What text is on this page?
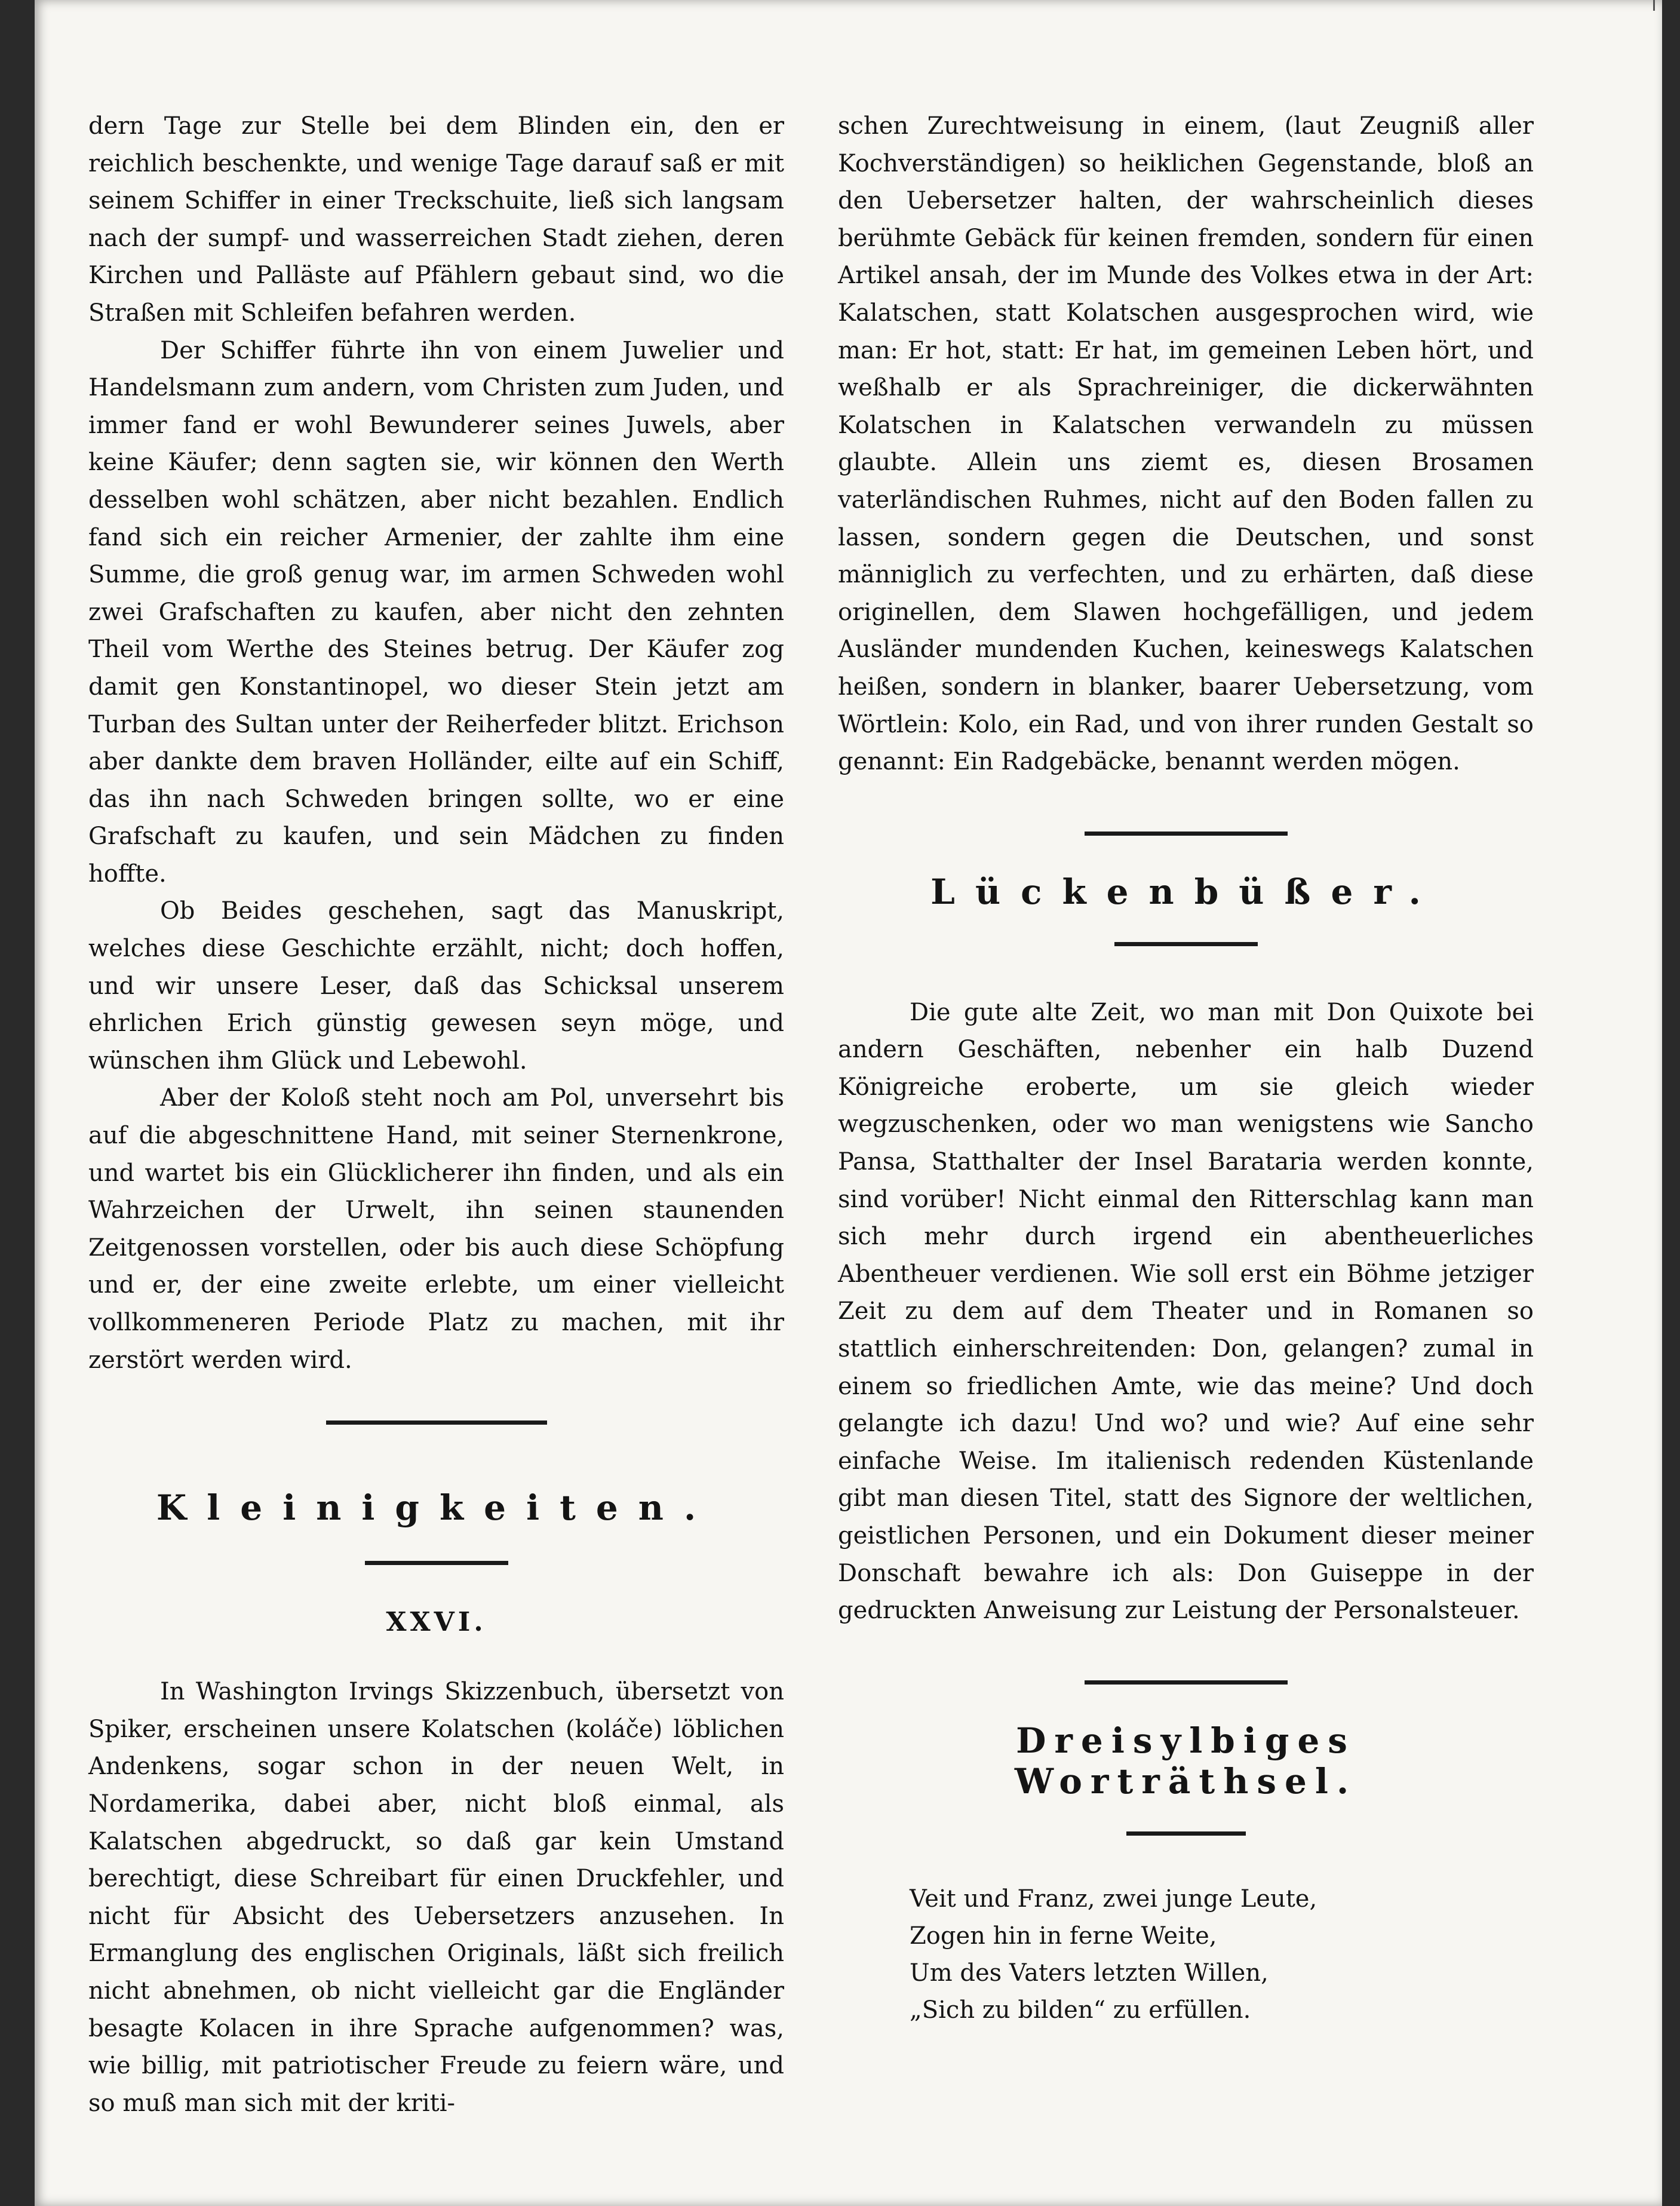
dern Tage zur Stelle bei dem Blinden ein, den er reichlich beschenkte, und wenige Tage darauf saß er mit seinem Schiffer in einer Treckschuite, ließ sich langsam nach der sumpf- und wasserreichen Stadt ziehen, deren Kirchen und Palläste auf Pfählern gebaut sind, wo die Straßen mit Schleifen befahren werden.

Der Schiffer führte ihn von einem Juwelier und Handelsmann zum andern, vom Christen zum Juden, und immer fand er wohl Bewunderer seines Juwels, aber keine Käufer; denn sagten sie, wir können den Werth desselben wohl schätzen, aber nicht bezahlen. Endlich fand sich ein reicher Armenier, der zahlte ihm eine Summe, die groß genug war, im armen Schweden wohl zwei Grafschaften zu kaufen, aber nicht den zehnten Theil vom Werthe des Steines betrug. Der Käufer zog damit gen Konstantinopel, wo dieser Stein jetzt am Turban des Sultan unter der Reiherfeder blitzt. Erichson aber dankte dem braven Holländer, eilte auf ein Schiff, das ihn nach Schweden bringen sollte, wo er eine Grafschaft zu kaufen, und sein Mädchen zu finden hoffte.

Ob Beides geschehen, sagt das Manuskript, welches diese Geschichte erzählt, nicht; doch hoffen, und wir unsere Leser, daß das Schicksal unserem ehrlichen Erich günstig gewesen seyn möge, und wünschen ihm Glück und Lebewohl.

Aber der Koloß steht noch am Pol, unversehrt bis auf die abgeschnittene Hand, mit seiner Sternenkrone, und wartet bis ein Glücklicherer ihn finden, und als ein Wahrzeichen der Urwelt, ihn seinen staunenden Zeitgenossen vorstellen, oder bis auch diese Schöpfung und er, der eine zweite erlebte, um einer vielleicht vollkommeneren Periode Platz zu machen, mit ihr zerstört werden wird.

Kleinigkeiten.
XXVI.

In Washington Irvings Skizzenbuch, übersetzt von Spiker, erscheinen unsere Kolatschen (koláče) löblichen Andenkens, sogar schon in der neuen Welt, in Nordamerika, dabei aber, nicht bloß einmal, als Kalatschen abgedruckt, so daß gar kein Umstand berechtigt, diese Schreibart für einen Druckfehler, und nicht für Absicht des Uebersetzers anzusehen. In Ermanglung des englischen Originals, läßt sich freilich nicht abnehmen, ob nicht vielleicht gar die Engländer besagte Kolacen in ihre Sprache aufgenommen? was, wie billig, mit patriotischer Freude zu feiern wäre, und so muß man sich mit der kriti-

schen Zurechtweisung in einem, (laut Zeugniß aller Kochverständigen) so heiklichen Gegenstande, bloß an den Uebersetzer halten, der wahrscheinlich dieses berühmte Gebäck für keinen fremden, sondern für einen Artikel ansah, der im Munde des Volkes etwa in der Art: Kalatschen, statt Kolatschen ausgesprochen wird, wie man: Er hot, statt: Er hat, im gemeinen Leben hört, und weßhalb er als Sprachreiniger, die dickerwähnten Kolatschen in Kalatschen verwandeln zu müssen glaubte. Allein uns ziemt es, diesen Brosamen vaterländischen Ruhmes, nicht auf den Boden fallen zu lassen, sondern gegen die Deutschen, und sonst männiglich zu verfechten, und zu erhärten, daß diese originellen, dem Slawen hochgefälligen, und jedem Ausländer mundenden Kuchen, keineswegs Kalatschen heißen, sondern in blanker, baarer Uebersetzung, vom Wörtlein: Kolo, ein Rad, und von ihrer runden Gestalt so genannt: Ein Radgebäcke, benannt werden mögen.

Lückenbüßer.

Die gute alte Zeit, wo man mit Don Quixote bei andern Geschäften, nebenher ein halb Duzend Königreiche eroberte, um sie gleich wieder wegzuschenken, oder wo man wenigstens wie Sancho Pansa, Statthalter der Insel Barataria werden konnte, sind vorüber! Nicht einmal den Ritterschlag kann man sich mehr durch irgend ein abentheuerliches Abentheuer verdienen. Wie soll erst ein Böhme jetziger Zeit zu dem auf dem Theater und in Romanen so stattlich einherschreitenden: Don, gelangen? zumal in einem so friedlichen Amte, wie das meine? Und doch gelangte ich dazu! Und wo? und wie? Auf eine sehr einfache Weise. Im italienisch redenden Küstenlande gibt man diesen Titel, statt des Signore der weltlichen, geistlichen Personen, und ein Dokument dieser meiner Donschaft bewahre ich als: Don Guiseppe in der gedruckten Anweisung zur Leistung der Personalsteuer.

Dreisylbiges Worträthsel.
Veit und Franz, zwei junge Leute,
Zogen hin in ferne Weite,
Um des Vaters letzten Willen,
„Sich zu bilden“ zu erfüllen.
